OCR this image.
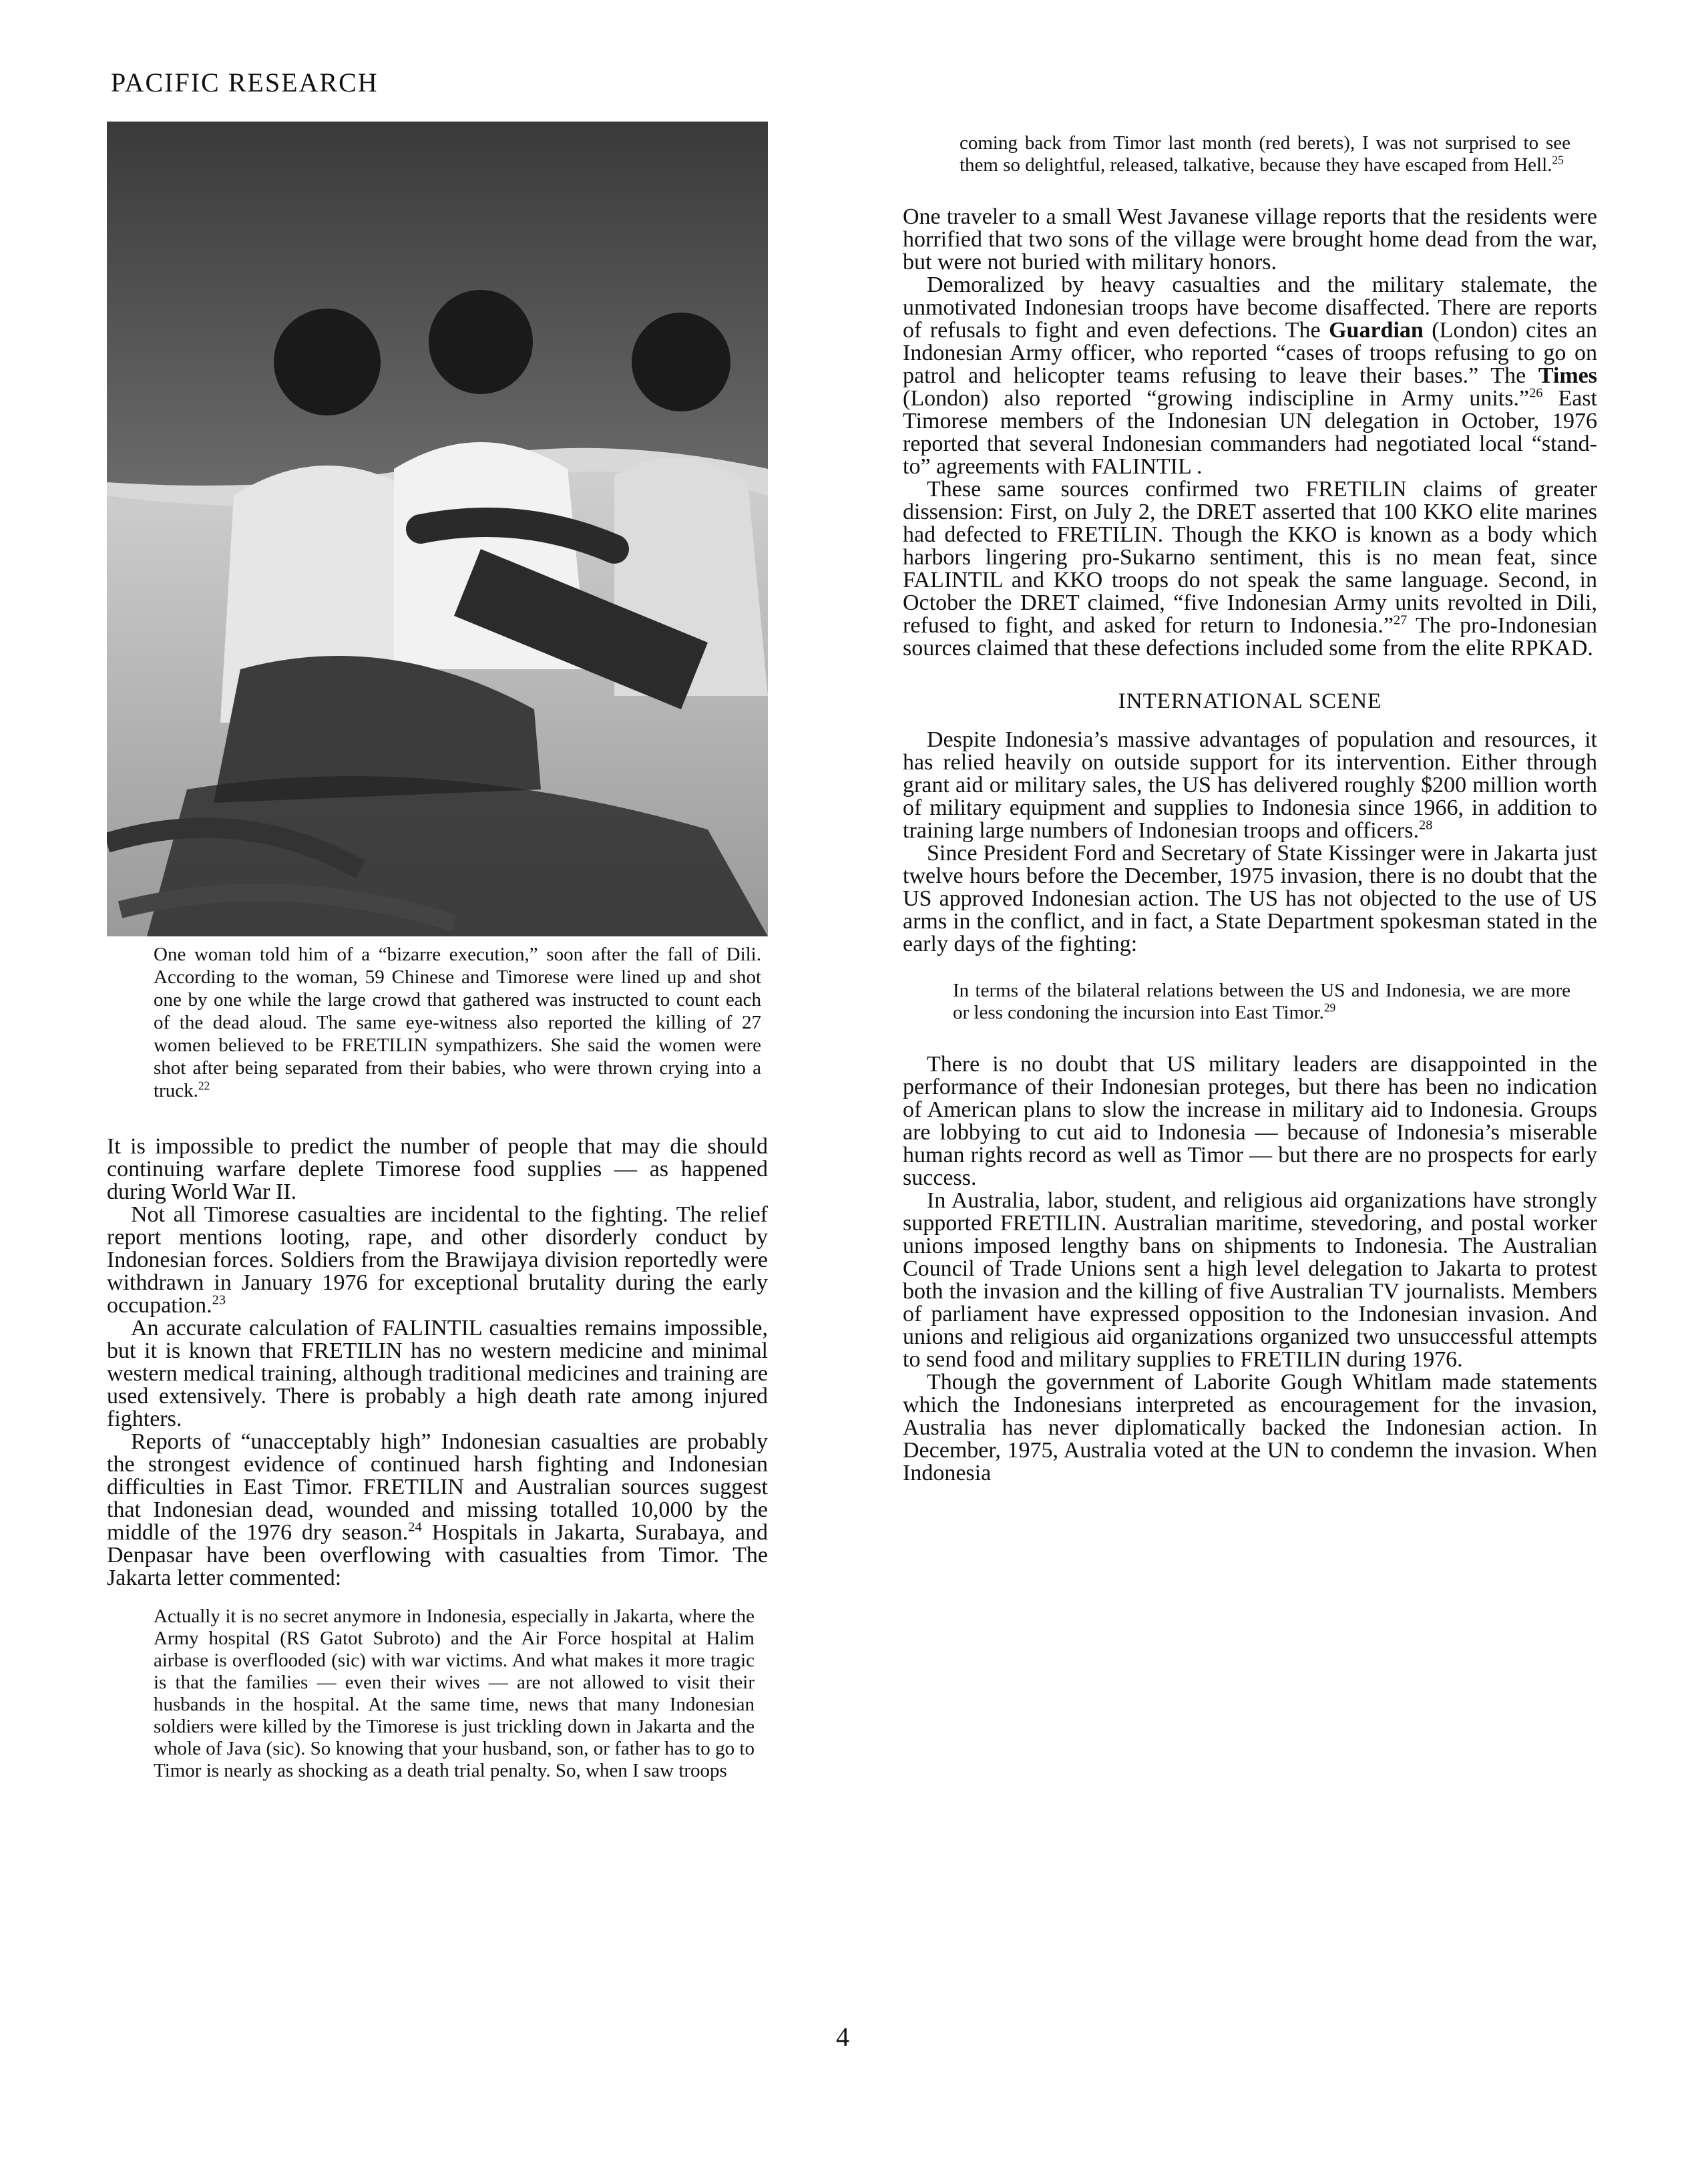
PACIFIC RESEARCH
One woman told him of a “bizarre execution,” soon after the fall of Dili. According to the woman, 59 Chinese and Timorese were lined up and shot one by one while the large crowd that gathered was instructed to count each of the dead aloud. The same eye-witness also reported the killing of 27 women believed to be FRETILIN sympathizers. She said the women were shot after being separated from their babies, who were thrown crying into a truck.$^{22}$

It is impossible to predict the number of people that may die should continuing warfare deplete Timorese food supplies — as happened during World War II.

Not all Timorese casualties are incidental to the fighting. The relief report mentions looting, rape, and other disorderly conduct by Indonesian forces. Soldiers from the Brawijaya division reportedly were withdrawn in January 1976 for exceptional brutality during the early occupation.$^{23}$

An accurate calculation of FALINTIL casualties remains impossible, but it is known that FRETILIN has no western medicine and minimal western medical training, although traditional medicines and training are used extensively. There is probably a high death rate among injured fighters.

Reports of “unacceptably high” Indonesian casualties are probably the strongest evidence of continued harsh fighting and Indonesian difficulties in East Timor. FRETILIN and Australian sources suggest that Indonesian dead, wounded and missing totalled 10,000 by the middle of the 1976 dry season.$^{24}$ Hospitals in Jakarta, Surabaya, and Denpasar have been overflowing with casualties from Timor. The Jakarta letter commented:

Actually it is no secret anymore in Indonesia, especially in Jakarta, where the Army hospital (RS Gatot Subroto) and the Air Force hospital at Halim airbase is overflooded (sic) with war victims. And what makes it more tragic is that the families — even their wives — are not allowed to visit their husbands in the hospital. At the same time, news that many Indonesian soldiers were killed by the Timorese is just trickling down in Jakarta and the whole of Java (sic). So knowing that your husband, son, or father has to go to Timor is nearly as shocking as a death trial penalty. So, when I saw troops

coming back from Timor last month (red berets), I was not surprised to see them so delightful, released, talkative, because they have escaped from Hell.$^{25}$

One traveler to a small West Javanese village reports that the residents were horrified that two sons of the village were brought home dead from the war, but were not buried with military honors.

Demoralized by heavy casualties and the military stalemate, the unmotivated Indonesian troops have become disaffected. There are reports of refusals to fight and even defections. The Guardian (London) cites an Indonesian Army officer, who reported “cases of troops refusing to go on patrol and helicopter teams refusing to leave their bases.” The Times (London) also reported “growing indiscipline in Army units.”$^{26}$ East Timorese members of the Indonesian UN delegation in October, 1976 reported that several Indonesian commanders had negotiated local “stand-to” agreements with FALINTIL .

These same sources confirmed two FRETILIN claims of greater dissension: First, on July 2, the DRET asserted that 100 KKO elite marines had defected to FRETILIN. Though the KKO is known as a body which harbors lingering pro-Sukarno sentiment, this is no mean feat, since FALINTIL and KKO troops do not speak the same language. Second, in October the DRET claimed, “five Indonesian Army units revolted in Dili, refused to fight, and asked for return to Indonesia.”$^{27}$ The pro-Indonesian sources claimed that these defections included some from the elite RPKAD.

INTERNATIONAL SCENE

Despite Indonesia’s massive advantages of population and resources, it has relied heavily on outside support for its intervention. Either through grant aid or military sales, the US has delivered roughly $200 million worth of military equipment and supplies to Indonesia since 1966, in addition to training large numbers of Indonesian troops and officers.$^{28}$

Since President Ford and Secretary of State Kissinger were in Jakarta just twelve hours before the December, 1975 invasion, there is no doubt that the US approved Indonesian action. The US has not objected to the use of US arms in the conflict, and in fact, a State Department spokesman stated in the early days of the fighting:

In terms of the bilateral relations between the US and Indonesia, we are more or less condoning the incursion into East Timor.$^{29}$

There is no doubt that US military leaders are disappointed in the performance of their Indonesian proteges, but there has been no indication of American plans to slow the increase in military aid to Indonesia. Groups are lobbying to cut aid to Indonesia — because of Indonesia’s miserable human rights record as well as Timor — but there are no prospects for early success.

In Australia, labor, student, and religious aid organizations have strongly supported FRETILIN. Australian maritime, stevedoring, and postal worker unions imposed lengthy bans on shipments to Indonesia. The Australian Council of Trade Unions sent a high level delegation to Jakarta to protest both the invasion and the killing of five Australian TV journalists. Members of parliament have expressed opposition to the Indonesian invasion. And unions and religious aid organizations organized two unsuccessful attempts to send food and military supplies to FRETILIN during 1976.

Though the government of Laborite Gough Whitlam made statements which the Indonesians interpreted as encouragement for the invasion, Australia has never diplomatically backed the Indonesian action. In December, 1975, Australia voted at the UN to condemn the invasion. When Indonesia

4
